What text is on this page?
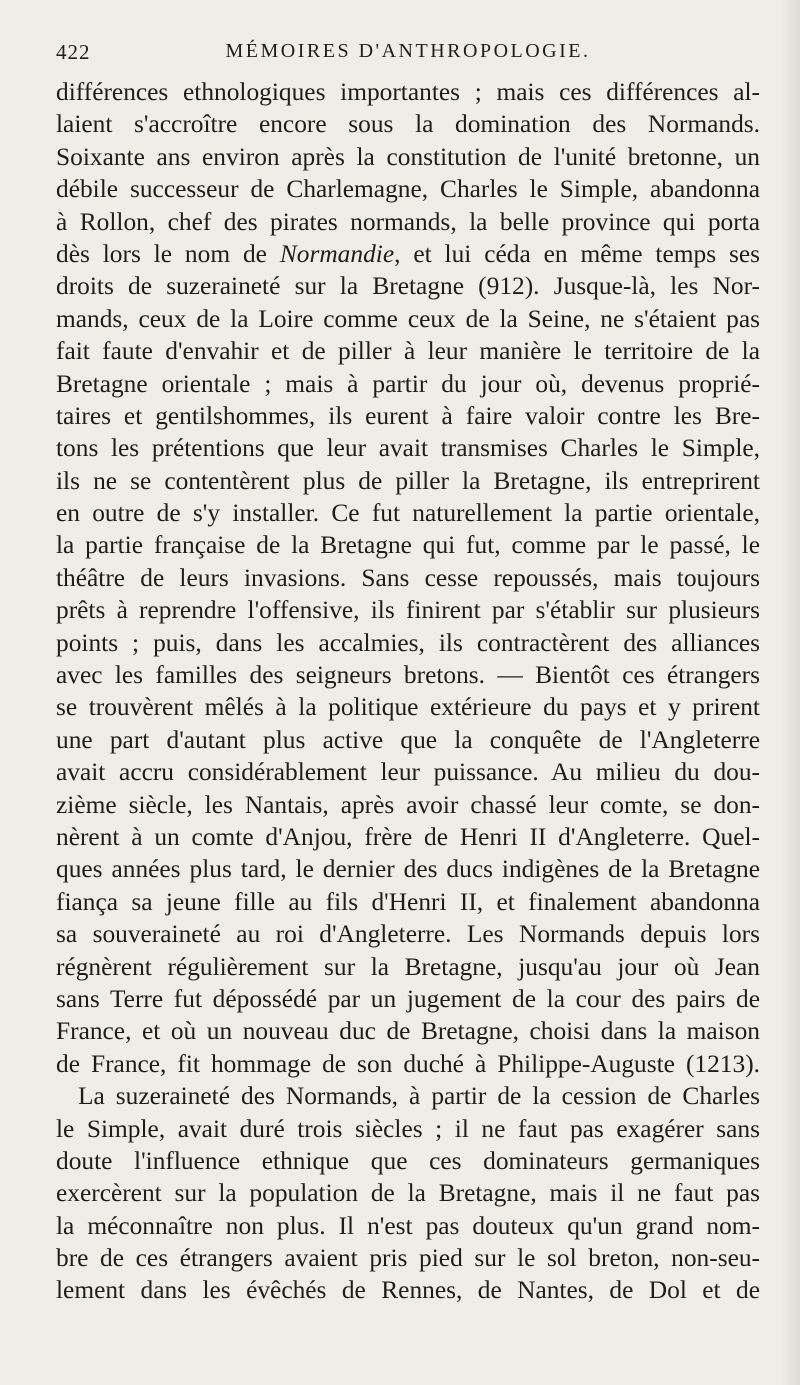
422	MÉMOIRES D'ANTHROPOLOGIE.
différences ethnologiques importantes ; mais ces différences al-
laient s'accroître encore sous la domination des Normands.
Soixante ans environ après la constitution de l'unité bretonne, un
débile successeur de Charlemagne, Charles le Simple, abandonna
à Rollon, chef des pirates normands, la belle province qui porta
dès lors le nom de Normandie, et lui céda en même temps ses
droits de suzeraineté sur la Bretagne (912). Jusque-là, les Nor-
mands, ceux de la Loire comme ceux de la Seine, ne s'étaient pas
fait faute d'envahir et de piller à leur manière le territoire de la
Bretagne orientale ; mais à partir du jour où, devenus proprié-
taires et gentilshommes, ils eurent à faire valoir contre les Bre-
tons les prétentions que leur avait transmises Charles le Simple,
ils ne se contentèrent plus de piller la Bretagne, ils entreprirent
en outre de s'y installer. Ce fut naturellement la partie orientale,
la partie française de la Bretagne qui fut, comme par le passé, le
théâtre de leurs invasions. Sans cesse repoussés, mais toujours
prêts à reprendre l'offensive, ils finirent par s'établir sur plusieurs
points ; puis, dans les accalmies, ils contractèrent des alliances
avec les familles des seigneurs bretons. — Bientôt ces étrangers
se trouvèrent mêlés à la politique extérieure du pays et y prirent
une part d'autant plus active que la conquête de l'Angleterre
avait accru considérablement leur puissance. Au milieu du dou-
zième siècle, les Nantais, après avoir chassé leur comte, se don-
nèrent à un comte d'Anjou, frère de Henri II d'Angleterre. Quel-
ques années plus tard, le dernier des ducs indigènes de la Bretagne
fiança sa jeune fille au fils d'Henri II, et finalement abandonna
sa souveraineté au roi d'Angleterre. Les Normands depuis lors
régnèrent régulièrement sur la Bretagne, jusqu'au jour où Jean
sans Terre fut dépossédé par un jugement de la cour des pairs de
France, et où un nouveau duc de Bretagne, choisi dans la maison
de France, fit hommage de son duché à Philippe-Auguste (1213).
La suzeraineté des Normands, à partir de la cession de Charles
le Simple, avait duré trois siècles ; il ne faut pas exagérer sans
doute l'influence ethnique que ces dominateurs germaniques
exercèrent sur la population de la Bretagne, mais il ne faut pas
la méconnaître non plus. Il n'est pas douteux qu'un grand nom-
bre de ces étrangers avaient pris pied sur le sol breton, non-seu-
lement dans les évêchés de Rennes, de Nantes, de Dol et de
